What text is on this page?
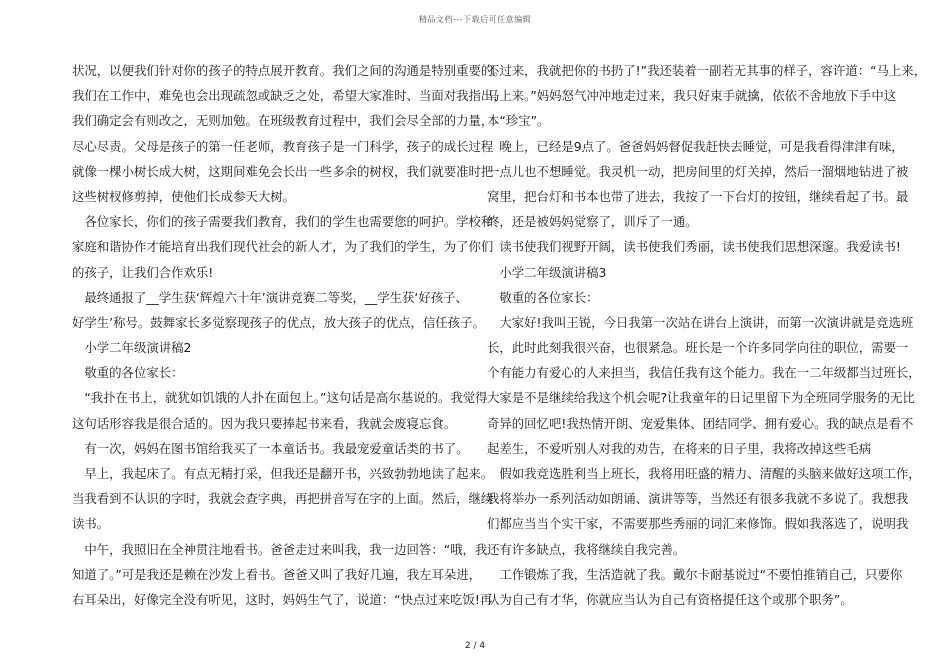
精品文档---下载后可任意编辑
状况，以便我们针对你的孩子的特点展开教育。我们之间的沟通是特别重要的。
我们在工作中，难免也会出现疏忽或缺乏之处，希望大家准时、当面对我指出，
我们确定会有则改之，无则加勉。在班级教育过程中，我们会尽全部的力量，
尽心尽责。父母是孩子的第一任老师，教育孩子是一门科学，孩子的成长过程
就像一棵小树长成大树，这期间难免会长出一些多余的树杈，我们就要准时把
这些树杈修剪掉，使他们长成参天大树。
　各位家长，你们的孩子需要我们教育，我们的学生也需要您的呵护。学校和
家庭和谐协作才能培育出我们现代社会的新人才，为了我们的学生，为了你们
的孩子，让我们合作欢乐!
　最终通报了__学生获‘辉煌六十年’演讲竞赛二等奖，__学生获‘好孩子、
好学生’称号。鼓舞家长多觉察现孩子的优点，放大孩子的优点，信任孩子。
　小学二年级演讲稿2
　敬重的各位家长：
　“我扑在书上，就犹如饥饿的人扑在面包上。”这句话是高尔基说的。我觉得
这句话形容我是很合适的。因为我只要捧起书来看，我就会废寝忘食。
　有一次，妈妈在图书馆给我买了一本童话书。我最宠爱童话类的书了。
　早上，我起床了。有点无精打采，但我还是翻开书，兴致勃勃地读了起来。
当我看到不认识的字时，我就会查字典，再把拼音写在字的上面。然后，继续
读书。
　中午，我照旧在全神贯注地看书。爸爸走过来叫我，我一边回答：“哦，我
知道了。”可是我还是赖在沙发上看书。爸爸又叫了我好几遍，我左耳朵进，
右耳朵出，好像完全没有听见，这时，妈妈生气了，说道：“快点过来吃饭!再
不过来，我就把你的书扔了!”我还装着一副若无其事的样子，容许道：“马上来，
马上来。”妈妈怒气冲冲地走过来，我只好束手就擒，依依不舍地放下手中这
本“珍宝”。
　晚上，已经是9点了。爸爸妈妈督促我赶快去睡觉，可是我看得津津有味，
一点儿也不想睡觉。我灵机一动，把房间里的灯关掉，然后一溜烟地钻进了被
窝里，把台灯和书本也带了进去，我按了一下台灯的按钮，继续看起了书。最
终，还是被妈妈觉察了，训斥了一通。
　读书使我们视野开阔，读书使我们秀丽，读书使我们思想深邃。我爱读书!
　小学二年级演讲稿3
　敬重的各位家长：
　大家好!我叫王锐，今日我第一次站在讲台上演讲，而第一次演讲就是竞选班
长，此时此刻我很兴奋，也很紧急。班长是一个许多同学向往的职位，需要一
个有能力有爱心的人来担当，我信任我有这个能力。我在一二年级都当过班长，
大家是不是继续给我这个机会呢?让我童年的日记里留下为全班同学服务的无比
奇异的回忆吧!我热情开朗、宠爱集体、团结同学、拥有爱心。我的缺点是看不
起差生，不爱听别人对我的劝告，在将来的日子里，我将改掉这些毛病
　假如我竞选胜利当上班长，我将用旺盛的精力、清醒的头脑来做好这项工作，
我将举办一系列活动如朗诵、演讲等等，当然还有很多我就不多说了。我想我
们都应当当个实干家，不需要那些秀丽的词汇来修饰。假如我落选了，说明我
还有许多缺点，我将继续自我完善。
　工作锻炼了我，生活造就了我。戴尔卡耐基说过“不要怕推销自己，只要你
认为自己有才华，你就应当认为自己有资格提任这个或那个职务”。
2 / 4
